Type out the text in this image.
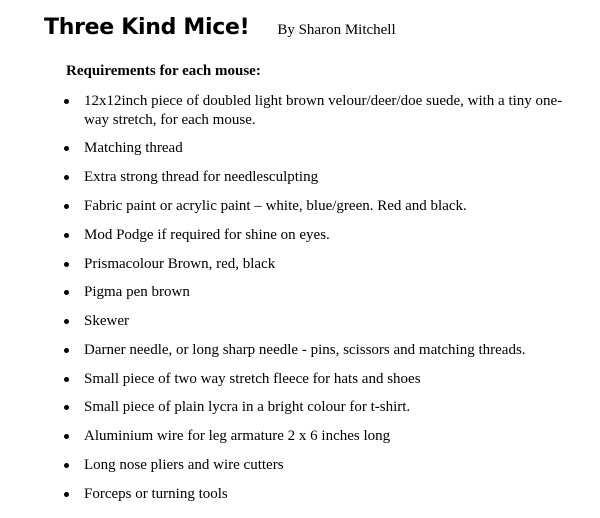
Three Kind Mice! By Sharon Mitchell
Requirements for each mouse:
12x12inch piece of doubled light brown velour/deer/doe suede, with a tiny one-way stretch, for each mouse.
Matching thread
Extra strong thread for needlesculpting
Fabric paint or acrylic paint – white, blue/green. Red and black.
Mod Podge if required for shine on eyes.
Prismacolour Brown, red, black
Pigma pen brown
Skewer
Darner needle, or long sharp needle - pins, scissors and matching threads.
Small piece of two way stretch fleece for hats and shoes
Small piece of plain lycra in a bright colour for t-shirt.
Aluminium wire for leg armature 2 x 6 inches long
Long nose pliers and wire cutters
Forceps or turning tools
